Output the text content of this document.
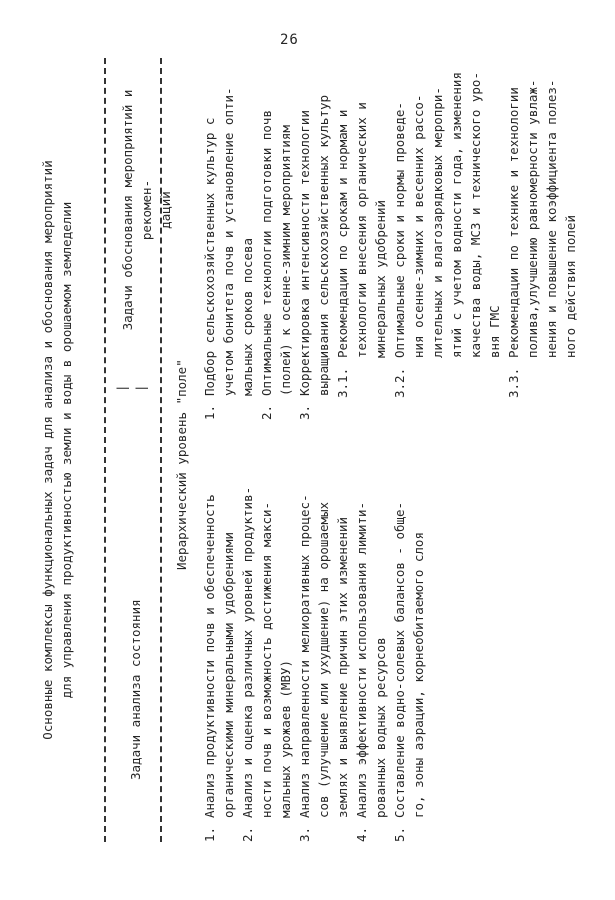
26
Основные комплексы функциональных задач для анализа и обоснования мероприятий для управления продуктивностью земли и воды в орошаемом земледелии	Задачи анализа состояния
| |
Задачи обоснования мероприятий и рекомен- даций
Иерархический уровень "поле"
1.
Анализ продуктивности почв и обеспеченность органическими минеральными удобрениями
2.
Анализ и оценка различных уровней продуктив- ности почв и возможность достижения макси- мальных урожаев (МВУ)
3.
Анализ направленности мелиоративных процес- сов (улучшение или ухудшение) на орошаемых землях и выявление причин этих изменений
4.
Анализ эффективности использования лимити- рованных водных ресурсов
5.
Составление водно-солевых балансов - обще- го, зоны аэрации, корнеобитаемого слоя
1.
Подбор сельскохозяйственных культур с учетом бонитета почв и установление опти- мальных сроков посева
2.
Оптимальные технологии подготовки почв (полей) к осенне-зимним мероприятиям
3.
Корректировка интенсивности технологии выращивания сельскохозяйственных культур 3.1.
Рекомендации по срокам и нормам и технологии внесения органических и минеральных удобрений
3.2.
Оптимальные сроки и нормы проведе- ния осенне-зимних и весенних рассо- лительных и влагозарядковых меропри- ятий с учетом водности года, изменения качества воды, МСЗ и технического уро- вня ГМС
3.3.
Рекомендации по технике и технологии полива,улучшению равномерности увлаж- нения и повышение коэффициента полез- ного действия полей
